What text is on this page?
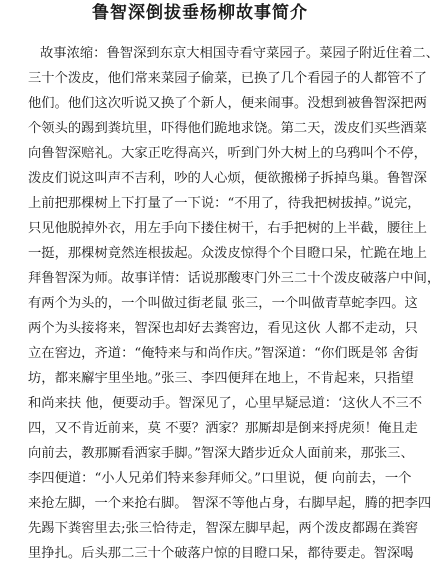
鲁智深倒拔垂杨柳故事简介
故事浓缩：鲁智深到东京大相国寺看守菜园子。菜园子附近住着二、
三十个泼皮，他们常来菜园子偷菜，已换了几个看园子的人都管不了
他们。他们这次听说又换了个新人，便来闹事。没想到被鲁智深把两
个领头的踢到粪坑里，吓得他们跪地求饶。第二天，泼皮们买些酒菜
向鲁智深赔礼。大家正吃得高兴，听到门外大树上的乌鸦叫个不停，
泼皮们说这叫声不吉利，吵的人心烦，便欲搬梯子拆掉鸟巢。鲁智深
上前把那棵树上下打量了一下说：“不用了，待我把树拔掉。”说完，
只见他脱掉外衣，用左手向下搂住树干，右手把树的上半截，腰往上
一挺，那棵树竟然连根拔起。众泼皮惊得个个目瞪口呆，忙跪在地上
拜鲁智深为师。故事详情：话说那酸枣门外三二十个泼皮破落户中间，
有两个为头的，一个叫做过街老鼠 张三，一个叫做青草蛇李四。这
两个为头接将来，智深也却好去粪窖边，看见这伙 人都不走动，只
立在窖边，齐道：“俺特来与和尚作庆。”智深道：“你们既是邻 舍街
坊，都来廨宇里坐地。”张三、李四便拜在地上，不肯起来，只指望
和尚来扶 他，便要动手。智深见了，心里早疑忌道：‘这伙人不三不
四，又不肯近前来，莫 不要？洒家？那厮却是倒来捋虎须！俺且走
向前去，教那厮看洒家手脚。”智深大踏步近众人面前来，那张三、
李四便道：“小人兄弟们特来参拜师父。”口里说，便 向前去，一个
来抢左脚，一个来抢右脚。 智深不等他占身，右脚早起，腾的把李四
先踢下粪窖里去;张三恰待走，智深左脚早起，两个泼皮都踢在粪窖
里挣扎。后头那二三十个破落户惊的目瞪口呆，都待要走。智深喝
